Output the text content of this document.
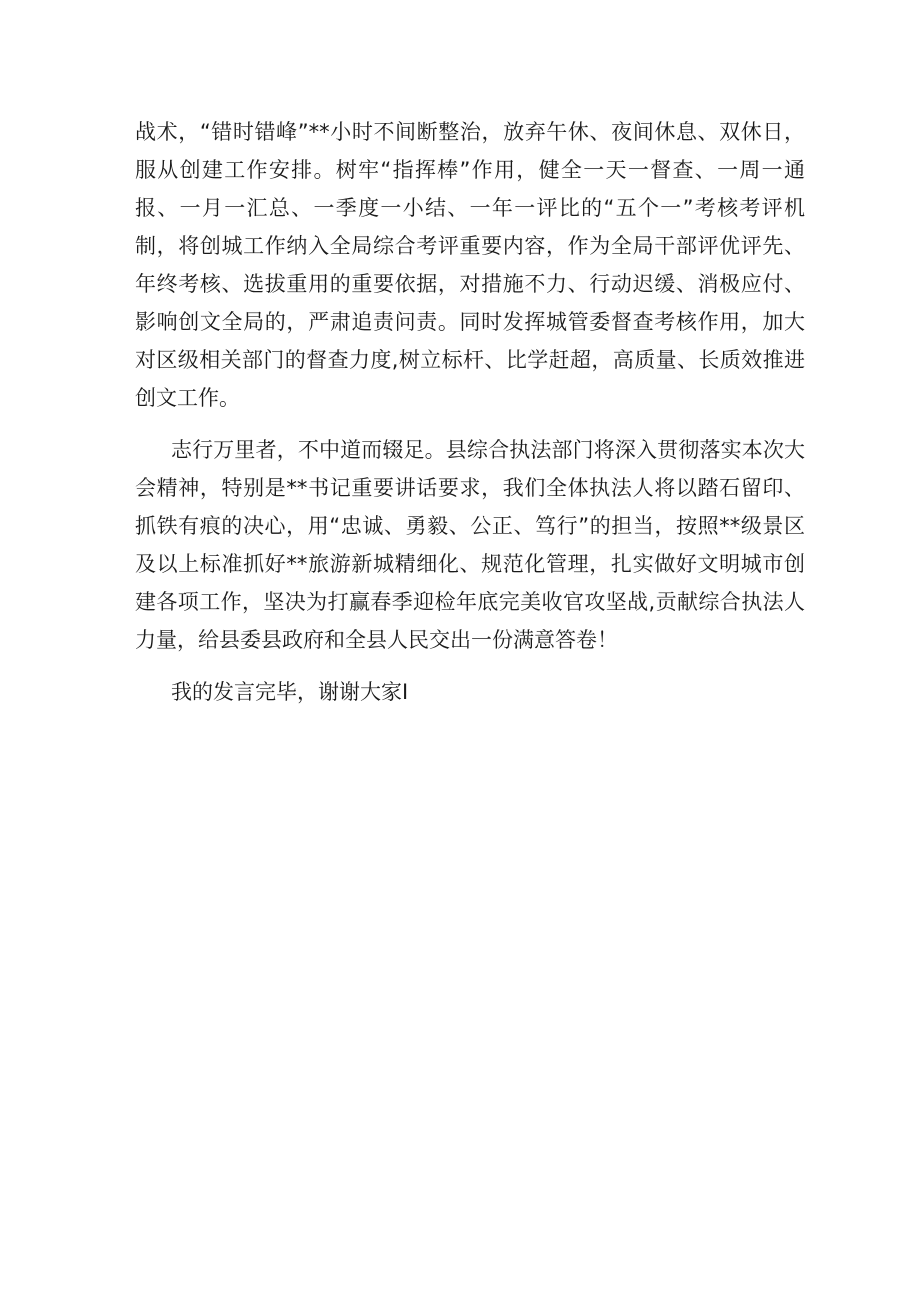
战术，“错时错峰”**小时不间断整治，放弃午休、夜间休息、双休日，服从创建工作安排。树牢“指挥棒”作用，健全一天一督查、一周一通报、一月一汇总、一季度一小结、一年一评比的“五个一”考核考评机制，将创城工作纳入全局综合考评重要内容，作为全局干部评优评先、年终考核、选拔重用的重要依据，对措施不力、行动迟缓、消极应付、影响创文全局的，严肃追责问责。同时发挥城管委督查考核作用，加大对区级相关部门的督查力度,树立标杆、比学赶超，高质量、长质效推进创文工作。

志行万里者，不中道而辍足。县综合执法部门将深入贯彻落实本次大会精神，特别是**书记重要讲话要求，我们全体执法人将以踏石留印、抓铁有痕的决心，用“忠诚、勇毅、公正、笃行”的担当，按照**级景区及以上标准抓好**旅游新城精细化、规范化管理，扎实做好文明城市创建各项工作，坚决为打赢春季迎检年底完美收官攻坚战,贡献综合执法人力量，给县委县政府和全县人民交出一份满意答卷！

我的发言完毕，谢谢大家I
